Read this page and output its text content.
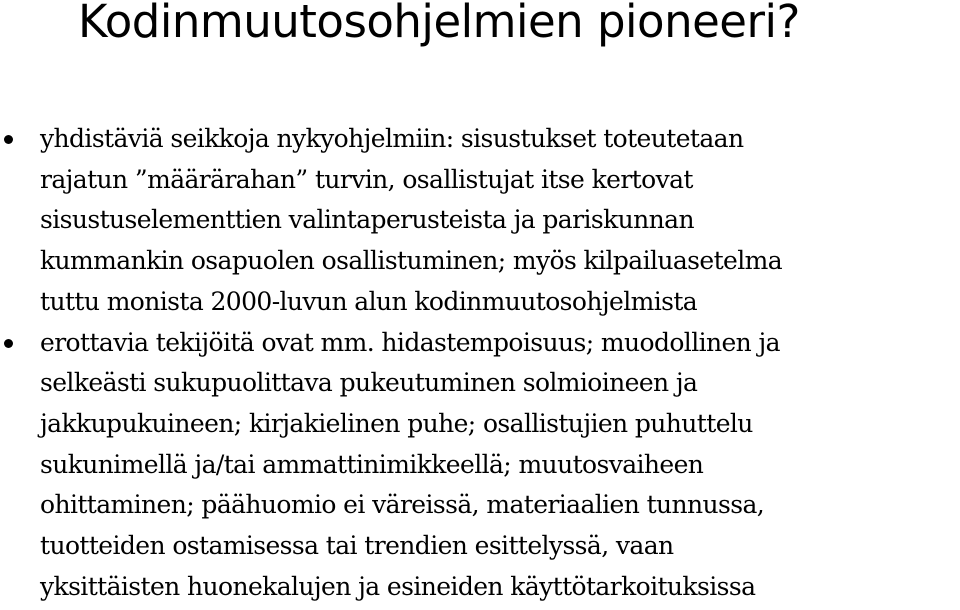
Kodinmuutosohjelmien pioneeri?
yhdistäviä seikkoja nykyohjelmiin: sisustukset toteutetaan
rajatun ”määrärahan” turvin, osallistujat itse kertovat
sisustuselementtien valintaperusteista ja pariskunnan
kummankin osapuolen osallistuminen; myös kilpailuasetelma
tuttu monista 2000-luvun alun kodinmuutosohjelmista
erottavia tekijöitä ovat mm. hidastempoisuus; muodollinen ja
selkeästi sukupuolittava pukeutuminen solmioineen ja
jakkupukuineen; kirjakielinen puhe; osallistujien puhuttelu
sukunimellä ja/tai ammattinimikkeellä; muutosvaiheen
ohittaminen; päähuomio ei väreissä, materiaalien tunnussa,
tuotteiden ostamisessa tai trendien esittelyssä, vaan
yksittäisten huonekalujen ja esineiden käyttötarkoituksissa
